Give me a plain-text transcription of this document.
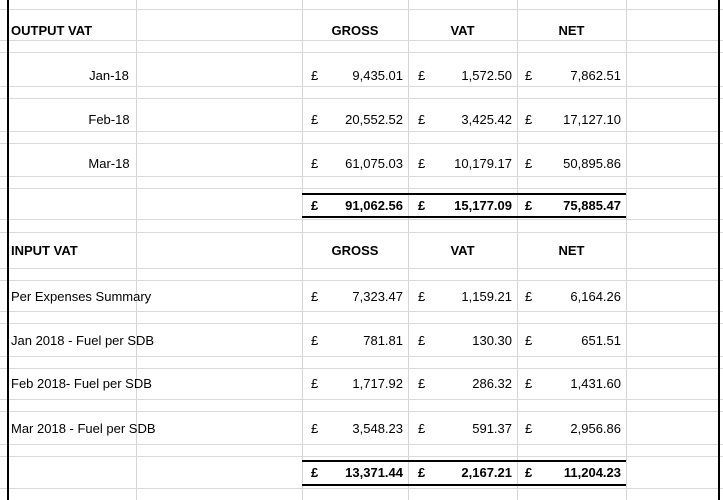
OUTPUT VAT	GROSS	VAT	NET
Jan-18	£	9,435.01 £	1,572.50 £	7,862.51
Feb-18	£	20,552.52 £	3,425.42 £	17,127.10
Mar-18	£	61,075.03 £	10,179.17 £	50,895.86
£	91,062.56 £	15,177.09 £	75,885.47
INPUT VAT	GROSS	VAT	NET
Per Expenses Summary	£	7,323.47 £	1,159.21 £	6,164.26
Jan 2018 - Fuel per SDB	£	781.81 £	130.30 £	651.51
Feb 2018- Fuel per SDB	£	1,717.92 £	286.32 £	1,431.60
Mar 2018 - Fuel per SDB	£	3,548.23 £	591.37 £	2,956.86
£	13,371.44 £	2,167.21 £	11,204.23
